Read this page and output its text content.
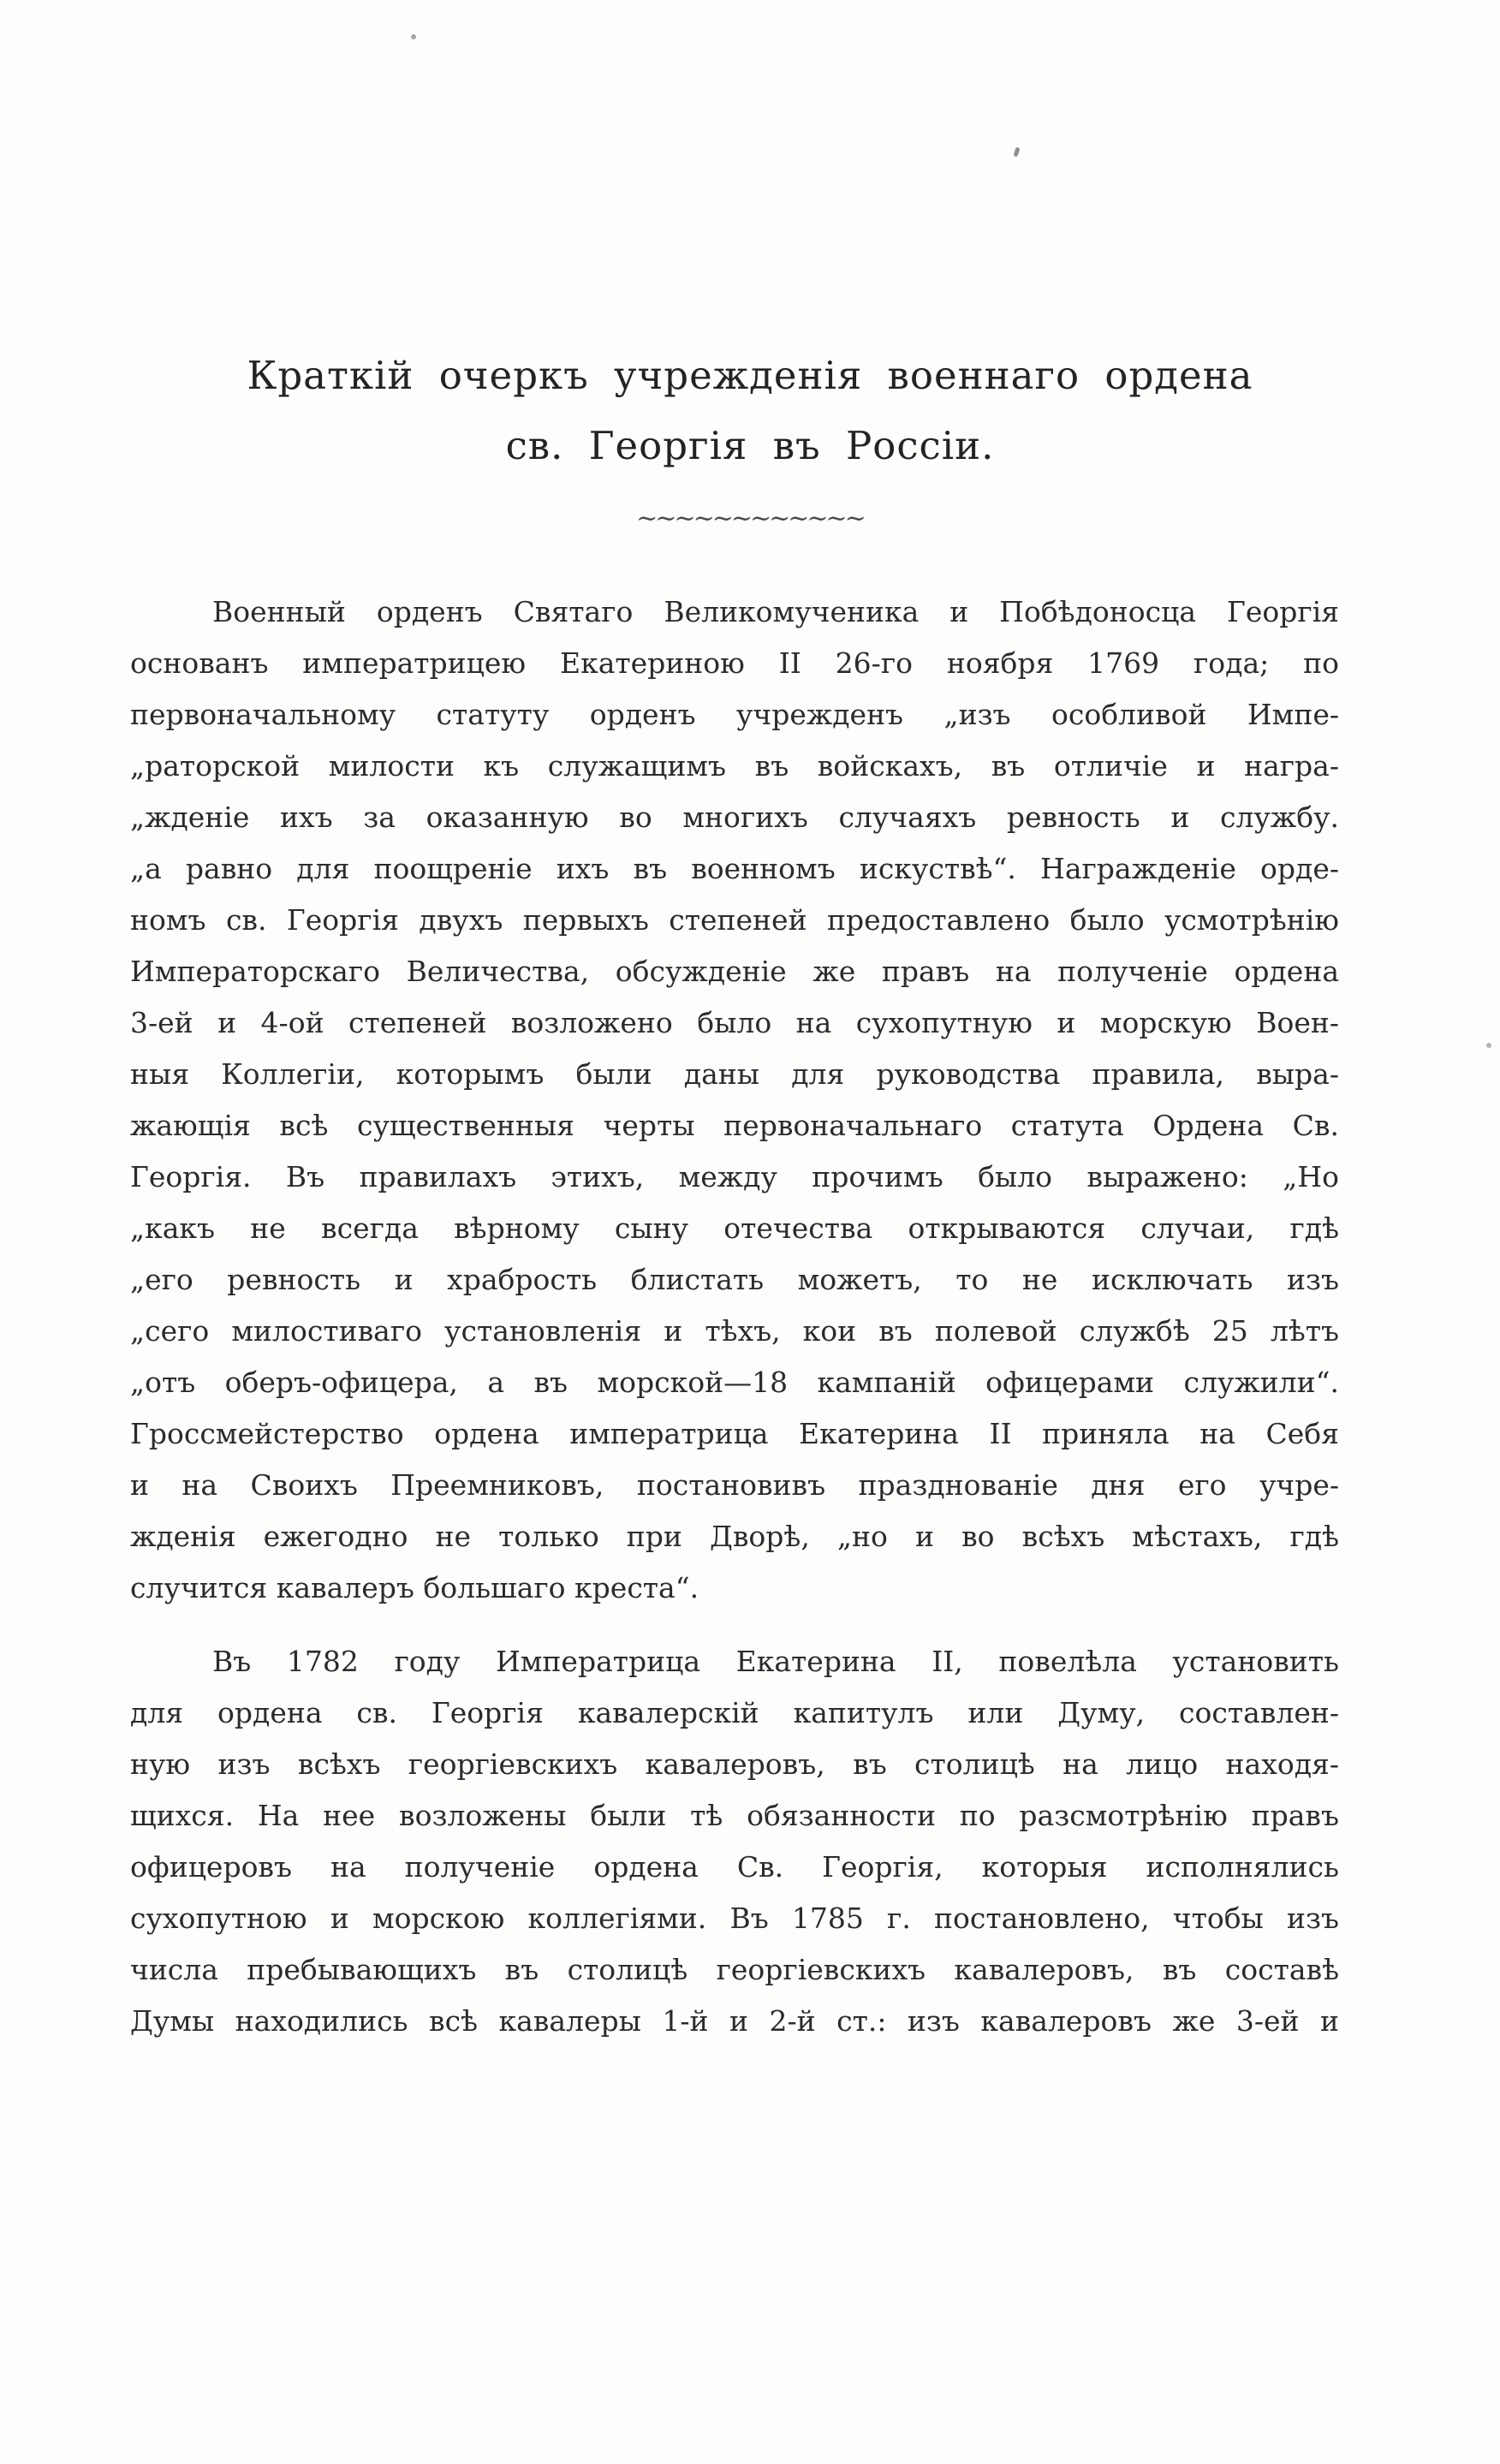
Краткій очеркъ учрежденія военнаго ордена
св. Георгія въ Россіи.
~~~~~~~~~~~~

Военный орденъ Святаго Великомученика и Побѣдоносца Георгія
основанъ императрицею Екатериною II 26-го ноября 1769 года; по
первоначальному статуту орденъ учрежденъ „изъ особливой Импе-
„раторской милости къ служащимъ въ войскахъ, въ отличіе и награ-
„жденіе ихъ за оказанную во многихъ случаяхъ ревность и службу.
„а равно для поощреніе ихъ въ военномъ искуствѣ“. Награжденіе орде-
номъ св. Георгія двухъ первыхъ степеней предоставлено было усмотрѣнію
Императорскаго Величества, обсужденіе же правъ на полученіе ордена
3-ей и 4-ой степеней возложено было на сухопутную и морскую Воен-
ныя Коллегіи, которымъ были даны для руководства правила, выра-
жающія всѣ существенныя черты первоначальнаго статута Ордена Св.
Георгія. Въ правилахъ этихъ, между прочимъ было выражено: „Но
„какъ не всегда вѣрному сыну отечества открываются случаи, гдѣ
„его ревность и храбрость блистать можетъ, то не исключать изъ
„сего милостиваго установленія и тѣхъ, кои въ полевой службѣ 25 лѣтъ
„отъ оберъ-офицера, а въ морской—18 кампаній офицерами служили“.
Гроссмейстерство ордена императрица Екатерина II приняла на Себя
и на Своихъ Преемниковъ, постановивъ празднованіе дня его учре-
жденія ежегодно не только при Дворѣ, „но и во всѣхъ мѣстахъ, гдѣ
случится кавалеръ большаго креста“.

Въ 1782 году Императрица Екатерина II, повелѣла установить
для ордена св. Георгія кавалерскій капитулъ или Думу, составлен-
ную изъ всѣхъ георгіевскихъ кавалеровъ, въ столицѣ на лицо находя-
щихся. На нее возложены были тѣ обязанности по разсмотрѣнію правъ
офицеровъ на полученіе ордена Св. Георгія, которыя исполнялись
сухопутною и морскою коллегіями. Въ 1785 г. постановлено, чтобы изъ
числа пребывающихъ въ столицѣ георгіевскихъ кавалеровъ, въ составѣ
Думы находились всѣ кавалеры 1-й и 2-й ст.: изъ кавалеровъ же 3-ей и
